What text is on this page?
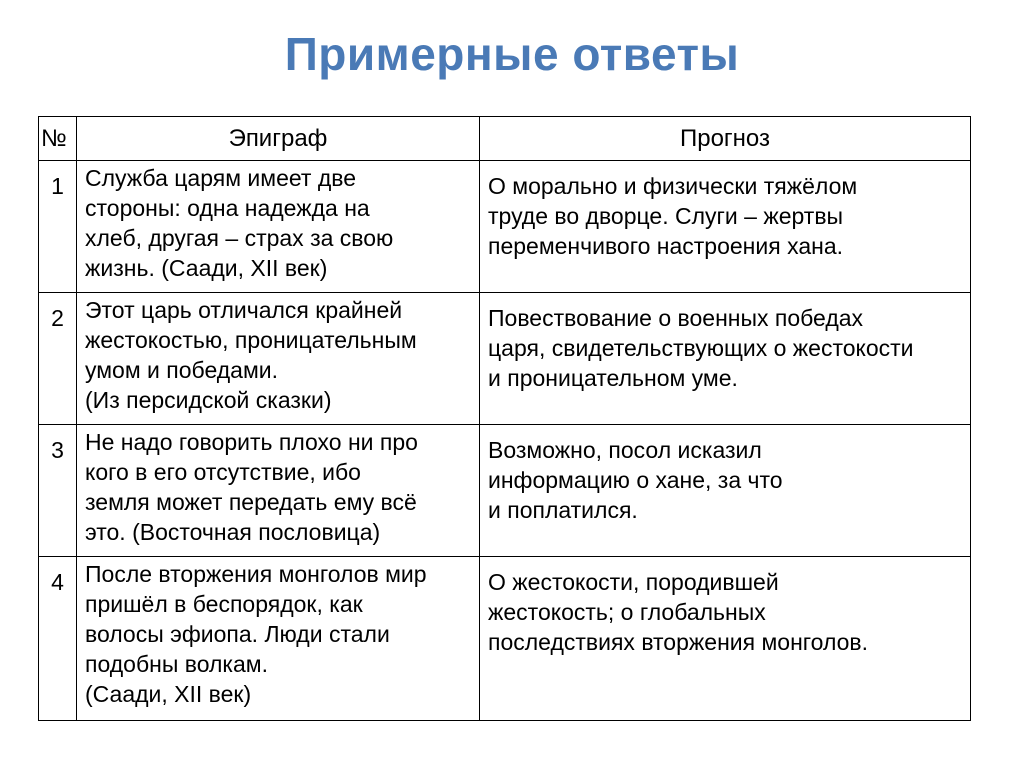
Примерные ответы
№	Эпиграф	Прогноз
1	Служба царям имеет две
стороны: одна надежда на
хлеб, другая – страх за свою
жизнь. (Саади, XII век)	О морально и физически тяжёлом
труде во дворце. Слуги – жертвы
переменчивого настроения хана.

2	Этот царь отличался крайней
жестокостью, проницательным
умом и победами.
(Из персидской сказки)	Повествование о военных победах
царя, свидетельствующих о жестокости
и проницательном уме.

3	Не надо говорить плохо ни про
кого в его отсутствие, ибо
земля может передать ему всё
это. (Восточная пословица)	Возможно, посол исказил
информацию о хане, за что
и поплатился.

4	После вторжения монголов мир
пришёл в беспорядок, как
волосы эфиопа. Люди стали
подобны волкам.
(Саади, XII век)	О жестокости, породившей
жестокость; о глобальных
последствиях вторжения монголов.
